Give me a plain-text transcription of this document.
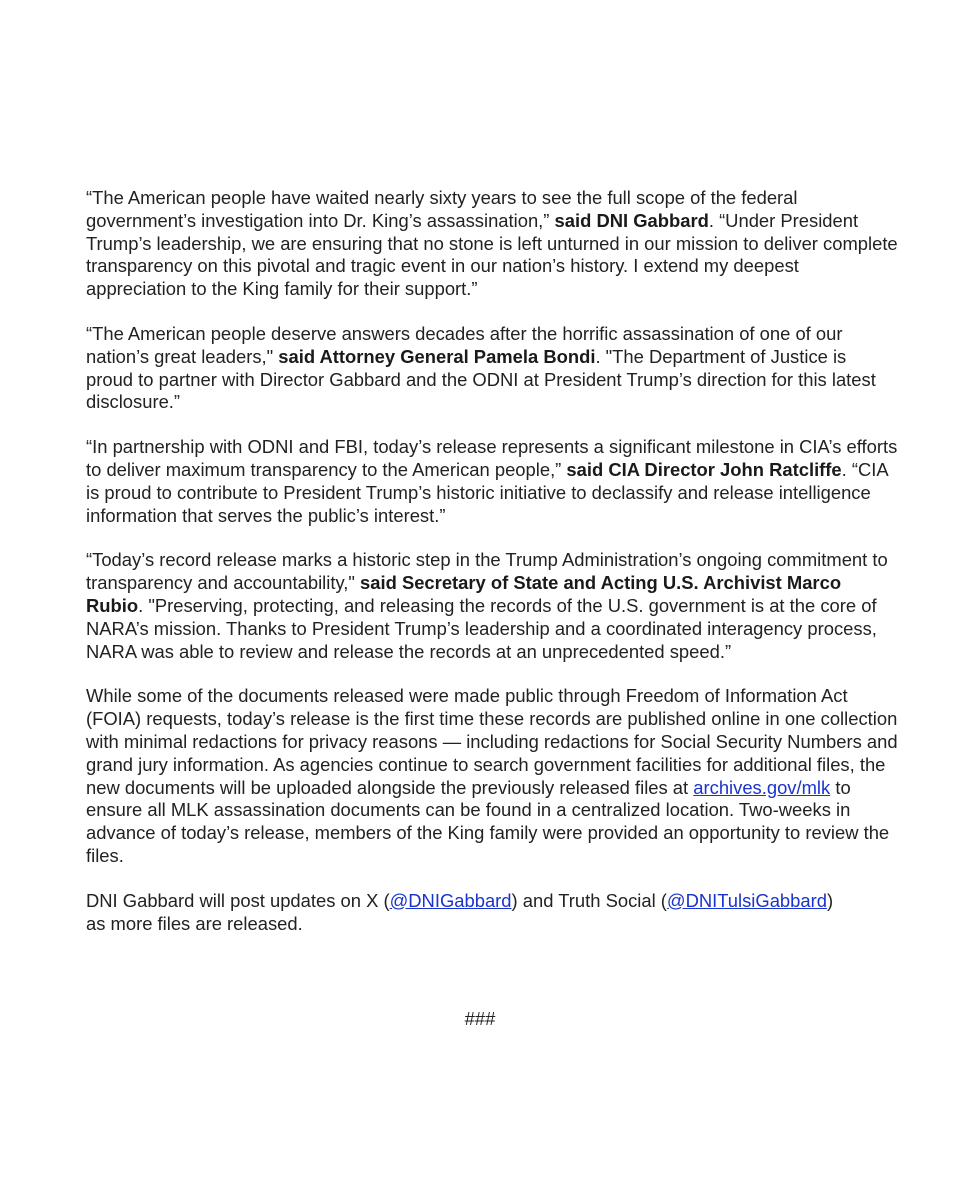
“The American people have waited nearly sixty years to see the full scope of the federal government’s investigation into Dr. King’s assassination,” said DNI Gabbard. “Under President Trump’s leadership, we are ensuring that no stone is left unturned in our mission to deliver complete transparency on this pivotal and tragic event in our nation’s history. I extend my deepest appreciation to the King family for their support.”

“The American people deserve answers decades after the horrific assassination of one of our nation’s great leaders," said Attorney General Pamela Bondi. "The Department of Justice is proud to partner with Director Gabbard and the ODNI at President Trump’s direction for this latest disclosure.”

“In partnership with ODNI and FBI, today’s release represents a significant milestone in CIA’s efforts to deliver maximum transparency to the American people,” said CIA Director John Ratcliffe. “CIA is proud to contribute to President Trump’s historic initiative to declassify and release intelligence information that serves the public’s interest.”

“Today’s record release marks a historic step in the Trump Administration’s ongoing commitment to transparency and accountability," said Secretary of State and Acting U.S. Archivist Marco Rubio. "Preserving, protecting, and releasing the records of the U.S. government is at the core of NARA’s mission. Thanks to President Trump’s leadership and a coordinated interagency process, NARA was able to review and release the records at an unprecedented speed.”

While some of the documents released were made public through Freedom of Information Act (FOIA) requests, today’s release is the first time these records are published online in one collection with minimal redactions for privacy reasons — including redactions for Social Security Numbers and grand jury information. As agencies continue to search government facilities for additional files, the new documents will be uploaded alongside the previously released files at archives.gov/mlk to ensure all MLK assassination documents can be found in a centralized location. Two-weeks in advance of today’s release, members of the King family were provided an opportunity to review the files.

DNI Gabbard will post updates on X (@DNIGabbard) and Truth Social (@DNITulsiGabbard)
as more files are released.

###
